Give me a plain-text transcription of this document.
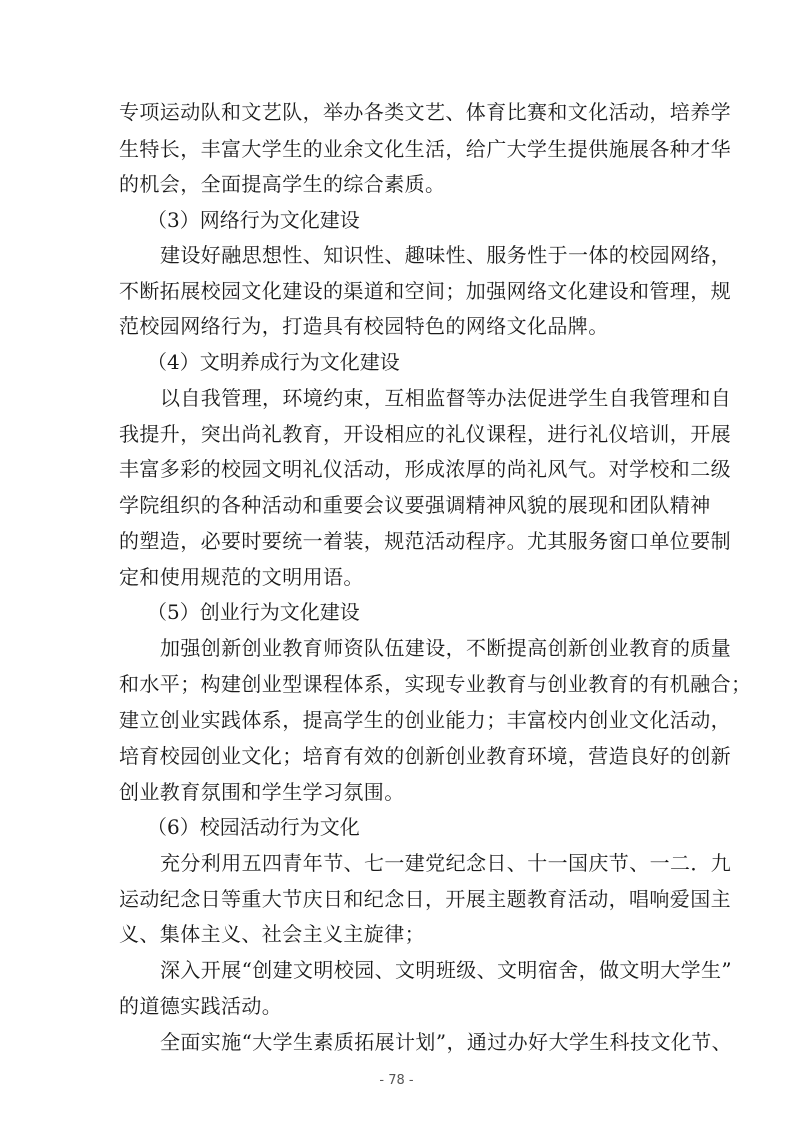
专项运动队和文艺队，举办各类文艺、体育比赛和文化活动，培养学
生特长，丰富大学生的业余文化生活，给广大学生提供施展各种才华
的机会，全面提高学生的综合素质。
（3）网络行为文化建设
建设好融思想性、知识性、趣味性、服务性于一体的校园网络，
不断拓展校园文化建设的渠道和空间；加强网络文化建设和管理，规
范校园网络行为，打造具有校园特色的网络文化品牌。
（4）文明养成行为文化建设
以自我管理，环境约束，互相监督等办法促进学生自我管理和自
我提升，突出尚礼教育，开设相应的礼仪课程，进行礼仪培训，开展
丰富多彩的校园文明礼仪活动，形成浓厚的尚礼风气。对学校和二级
学院组织的各种活动和重要会议要强调精神风貌的展现和团队精神
的塑造，必要时要统一着装，规范活动程序。尤其服务窗口单位要制
定和使用规范的文明用语。
（5）创业行为文化建设
加强创新创业教育师资队伍建设，不断提高创新创业教育的质量
和水平；构建创业型课程体系，实现专业教育与创业教育的有机融合；
建立创业实践体系，提高学生的创业能力；丰富校内创业文化活动，
培育校园创业文化；培育有效的创新创业教育环境，营造良好的创新
创业教育氛围和学生学习氛围。
（6）校园活动行为文化
充分利用五四青年节、七一建党纪念日、十一国庆节、一二．九
运动纪念日等重大节庆日和纪念日，开展主题教育活动，唱响爱国主
义、集体主义、社会主义主旋律；
深入开展“创建文明校园、文明班级、文明宿舍，做文明大学生”
的道德实践活动。
全面实施“大学生素质拓展计划”，通过办好大学生科技文化节、
- 78 -
